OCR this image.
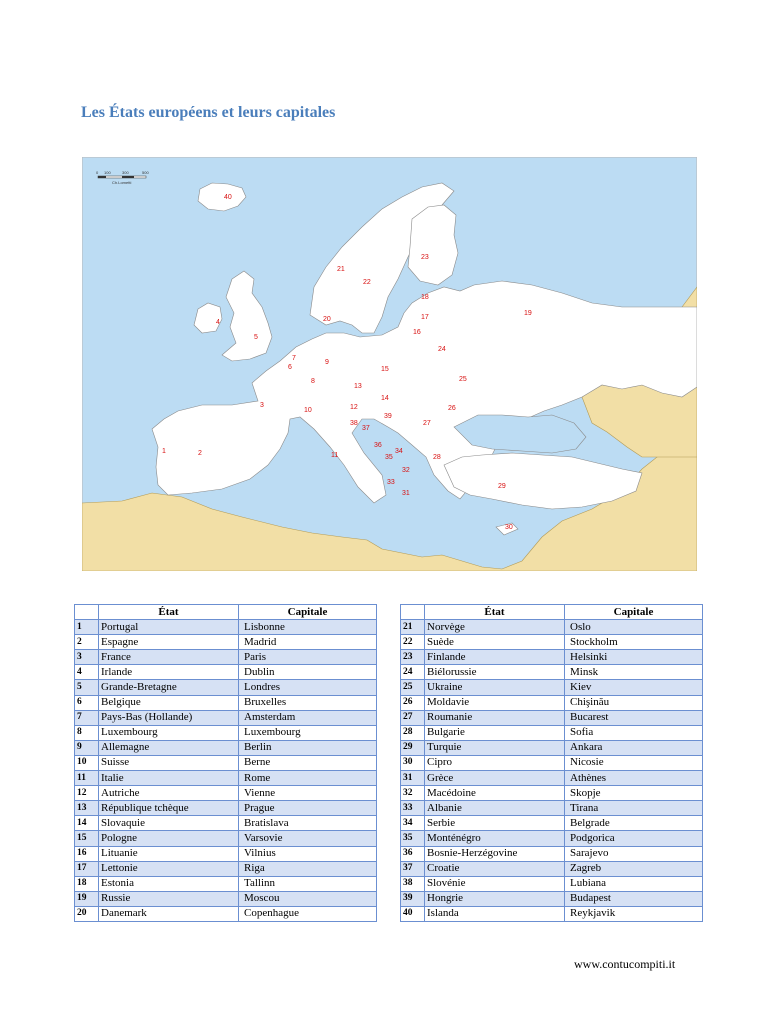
Les États européens et leurs capitales
0 100	300	500
Ch.Lometti
1	2
3
4
5
6
7
8
9
10
11
12
13
14
15
16
17
18
19
20
21
22
23
24
25
26
27
28
29
30
31
32
33
34
35
36
37
38
39
40
	État	Capitale
1	Portugal	Lisbonne
2	Espagne	Madrid
3	France	Paris
4	Irlande	Dublin
5	Grande-Bretagne	Londres
6	Belgique	Bruxelles
7	Pays-Bas (Hollande)	Amsterdam
8	Luxembourg	Luxembourg
9	Allemagne	Berlin
10	Suisse	Berne
11	Italie	Rome
12	Autriche	Vienne
13	République tchèque	Prague
14	Slovaquie	Bratislava
15	Pologne	Varsovie
16	Lituanie	Vilnius
17	Lettonie	Riga
18	Estonia	Tallinn
19	Russie	Moscou
20	Danemark	Copenhague
	État	Capitale
21	Norvège	Oslo
22	Suède	Stockholm
23	Finlande	Helsinki
24	Biélorussie	Minsk
25	Ukraine	Kiev
26	Moldavie	Chişinău
27	Roumanie	Bucarest
28	Bulgarie	Sofia
29	Turquie	Ankara
30	Cipro	Nicosie
31	Grèce	Athènes
32	Macédoine	Skopje
33	Albanie	Tirana
34	Serbie	Belgrade
35	Monténégro	Podgorica
36	Bosnie-Herzégovine	Sarajevo
37	Croatie	Zagreb
38	Slovénie	Lubiana
39	Hongrie	Budapest
40	Islanda	Reykjavik
www.contucompiti.it
